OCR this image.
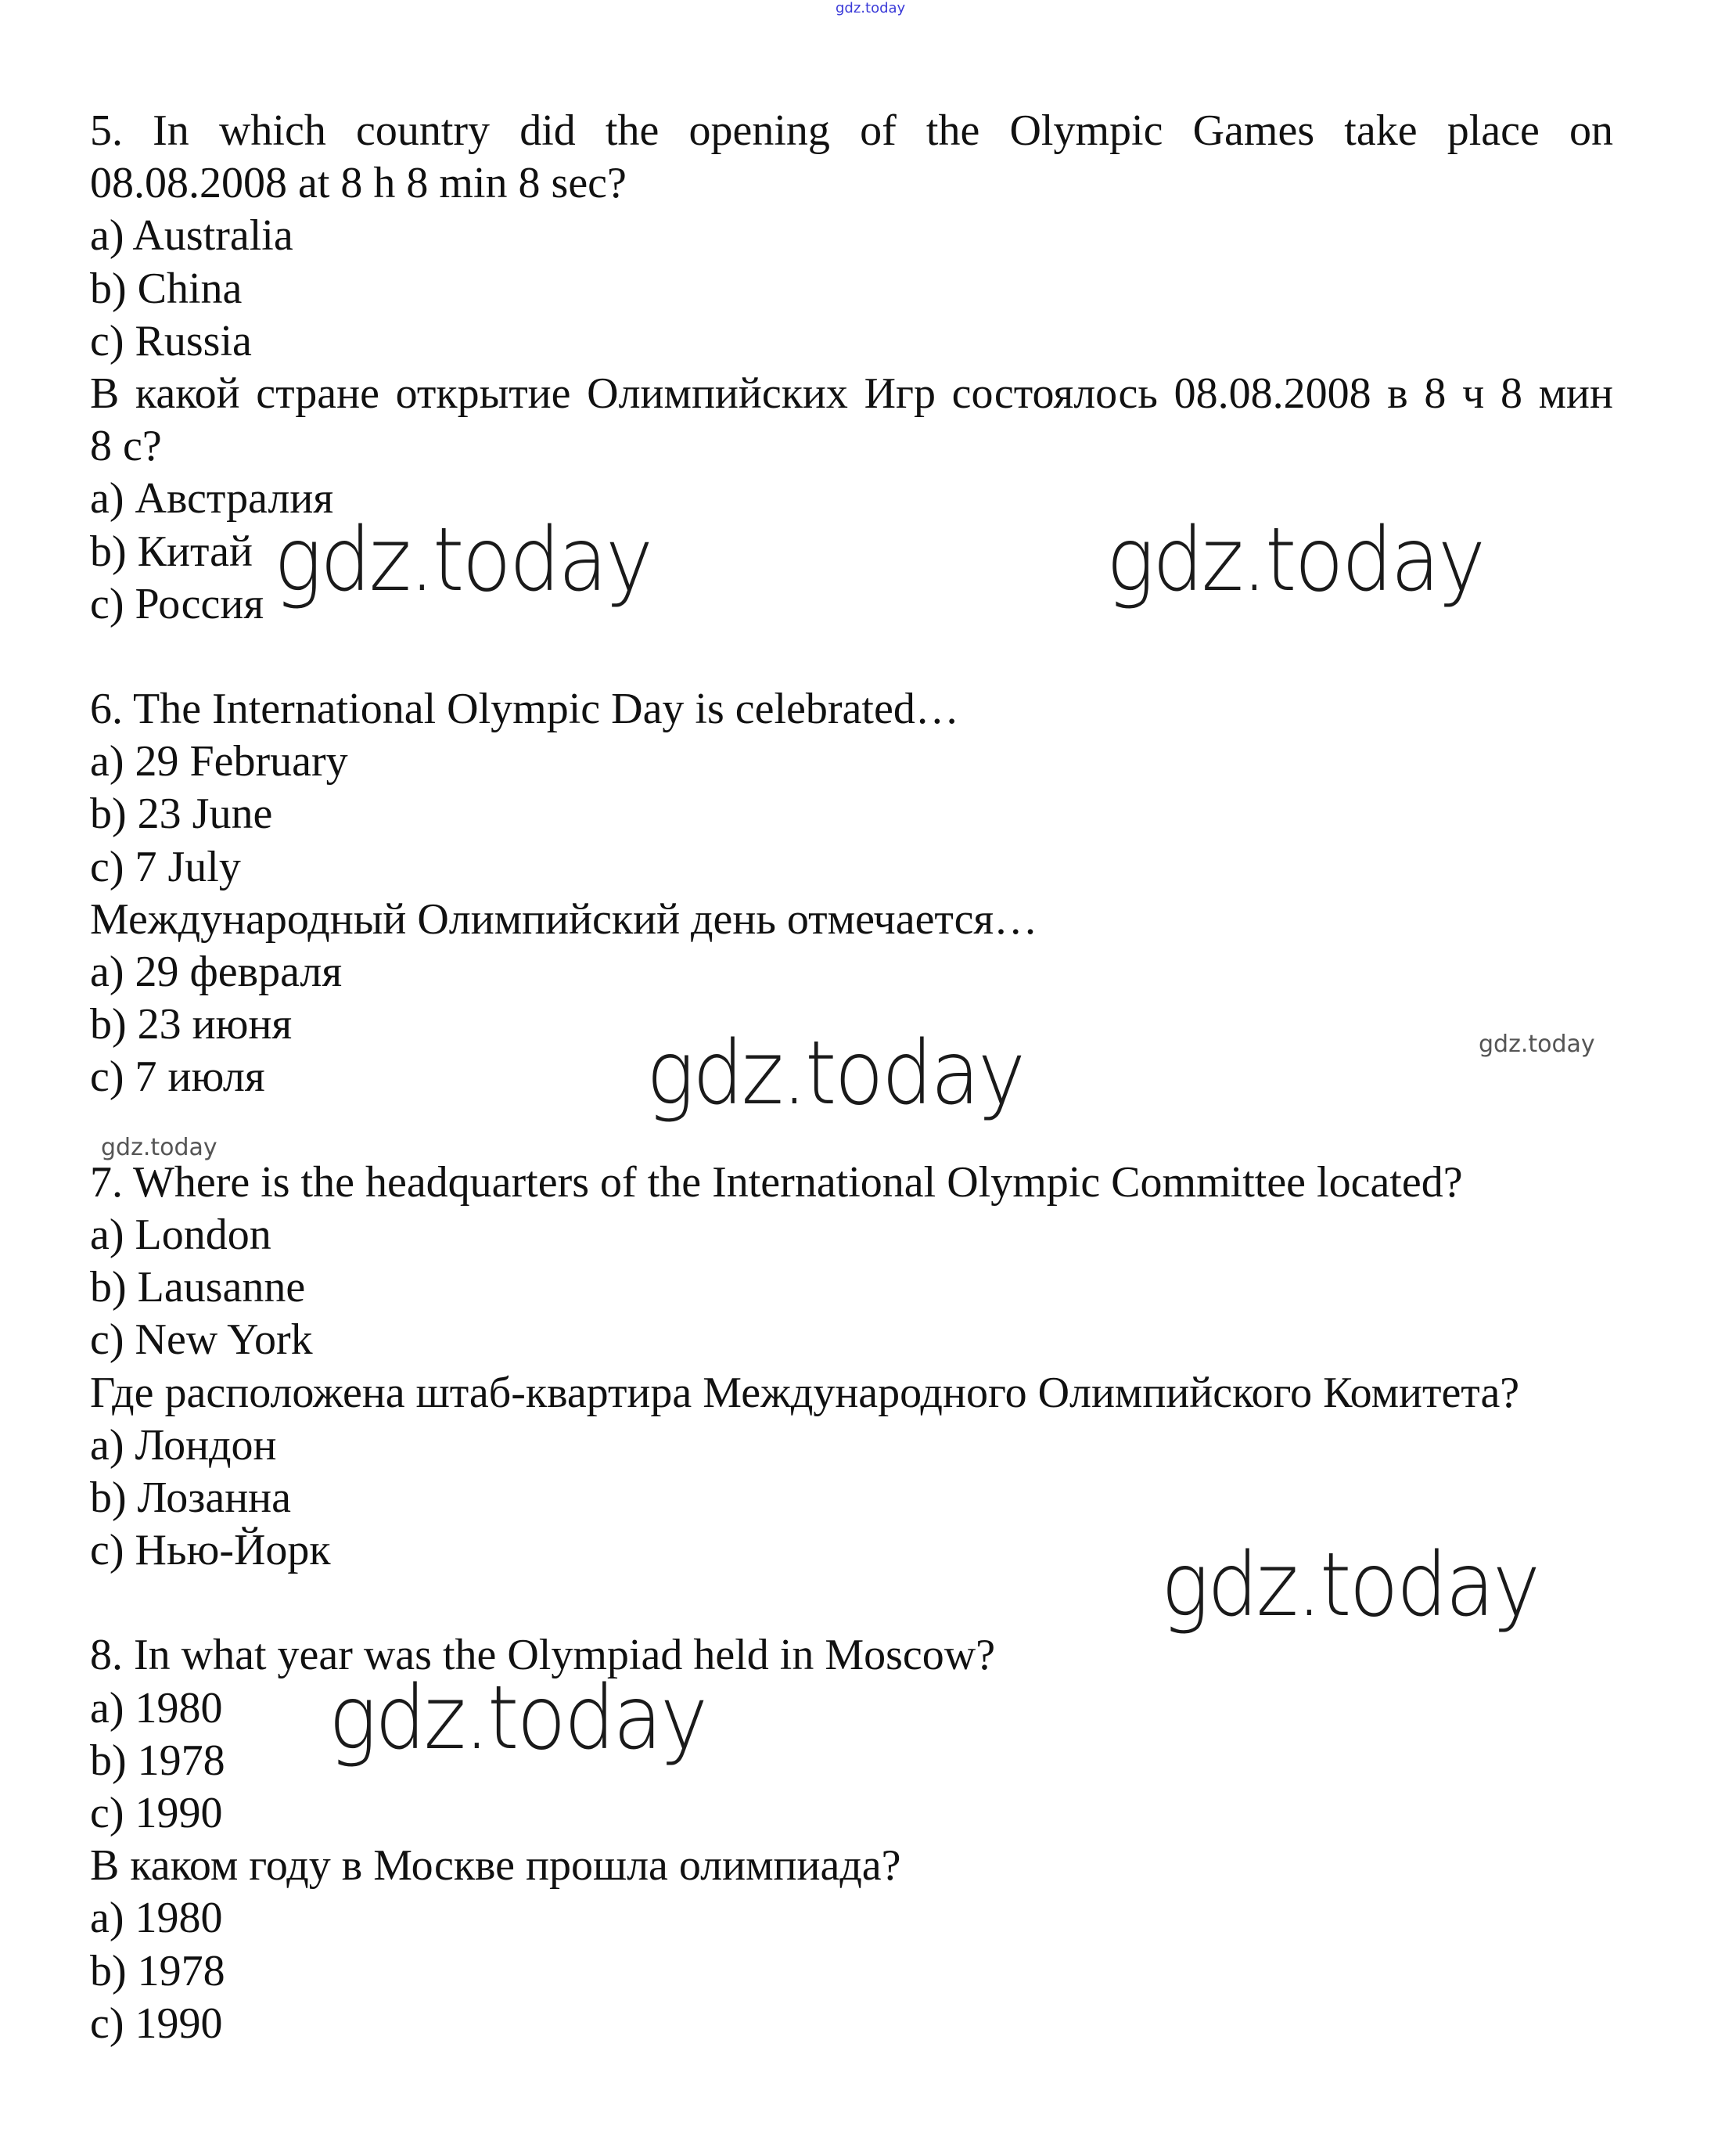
5. In which country did the opening of the Olympic Games take place on
08.08.2008 at 8 h 8 min 8 sec?
a) Australia
b) China
c) Russia
В какой стране открытие Олимпийских Игр состоялось 08.08.2008 в 8 ч 8 мин
8 с?
a) Австралия
b) Китай
c) Россия
6. The International Olympic Day is celebrated…
a) 29 February
b) 23 June
c) 7 July
Международный Олимпийский день отмечается…
a) 29 февраля
b) 23 июня
c) 7 июля
7. Where is the headquarters of the International Olympic Committee located?
a) London
b) Lausanne
c) New York
Где расположена штаб-квартира Международного Олимпийского Комитета?
a) Лондон
b) Лозанна
c) Нью-Йорк
8. In what year was the Olympiad held in Moscow?
a) 1980
b) 1978
c) 1990
В каком году в Москве прошла олимпиада?
a) 1980
b) 1978
c) 1990
gdz.today
gdz.today	gdz.today
gdz.today
gdz.today
gdz.today
gdz.today
gdz.today
